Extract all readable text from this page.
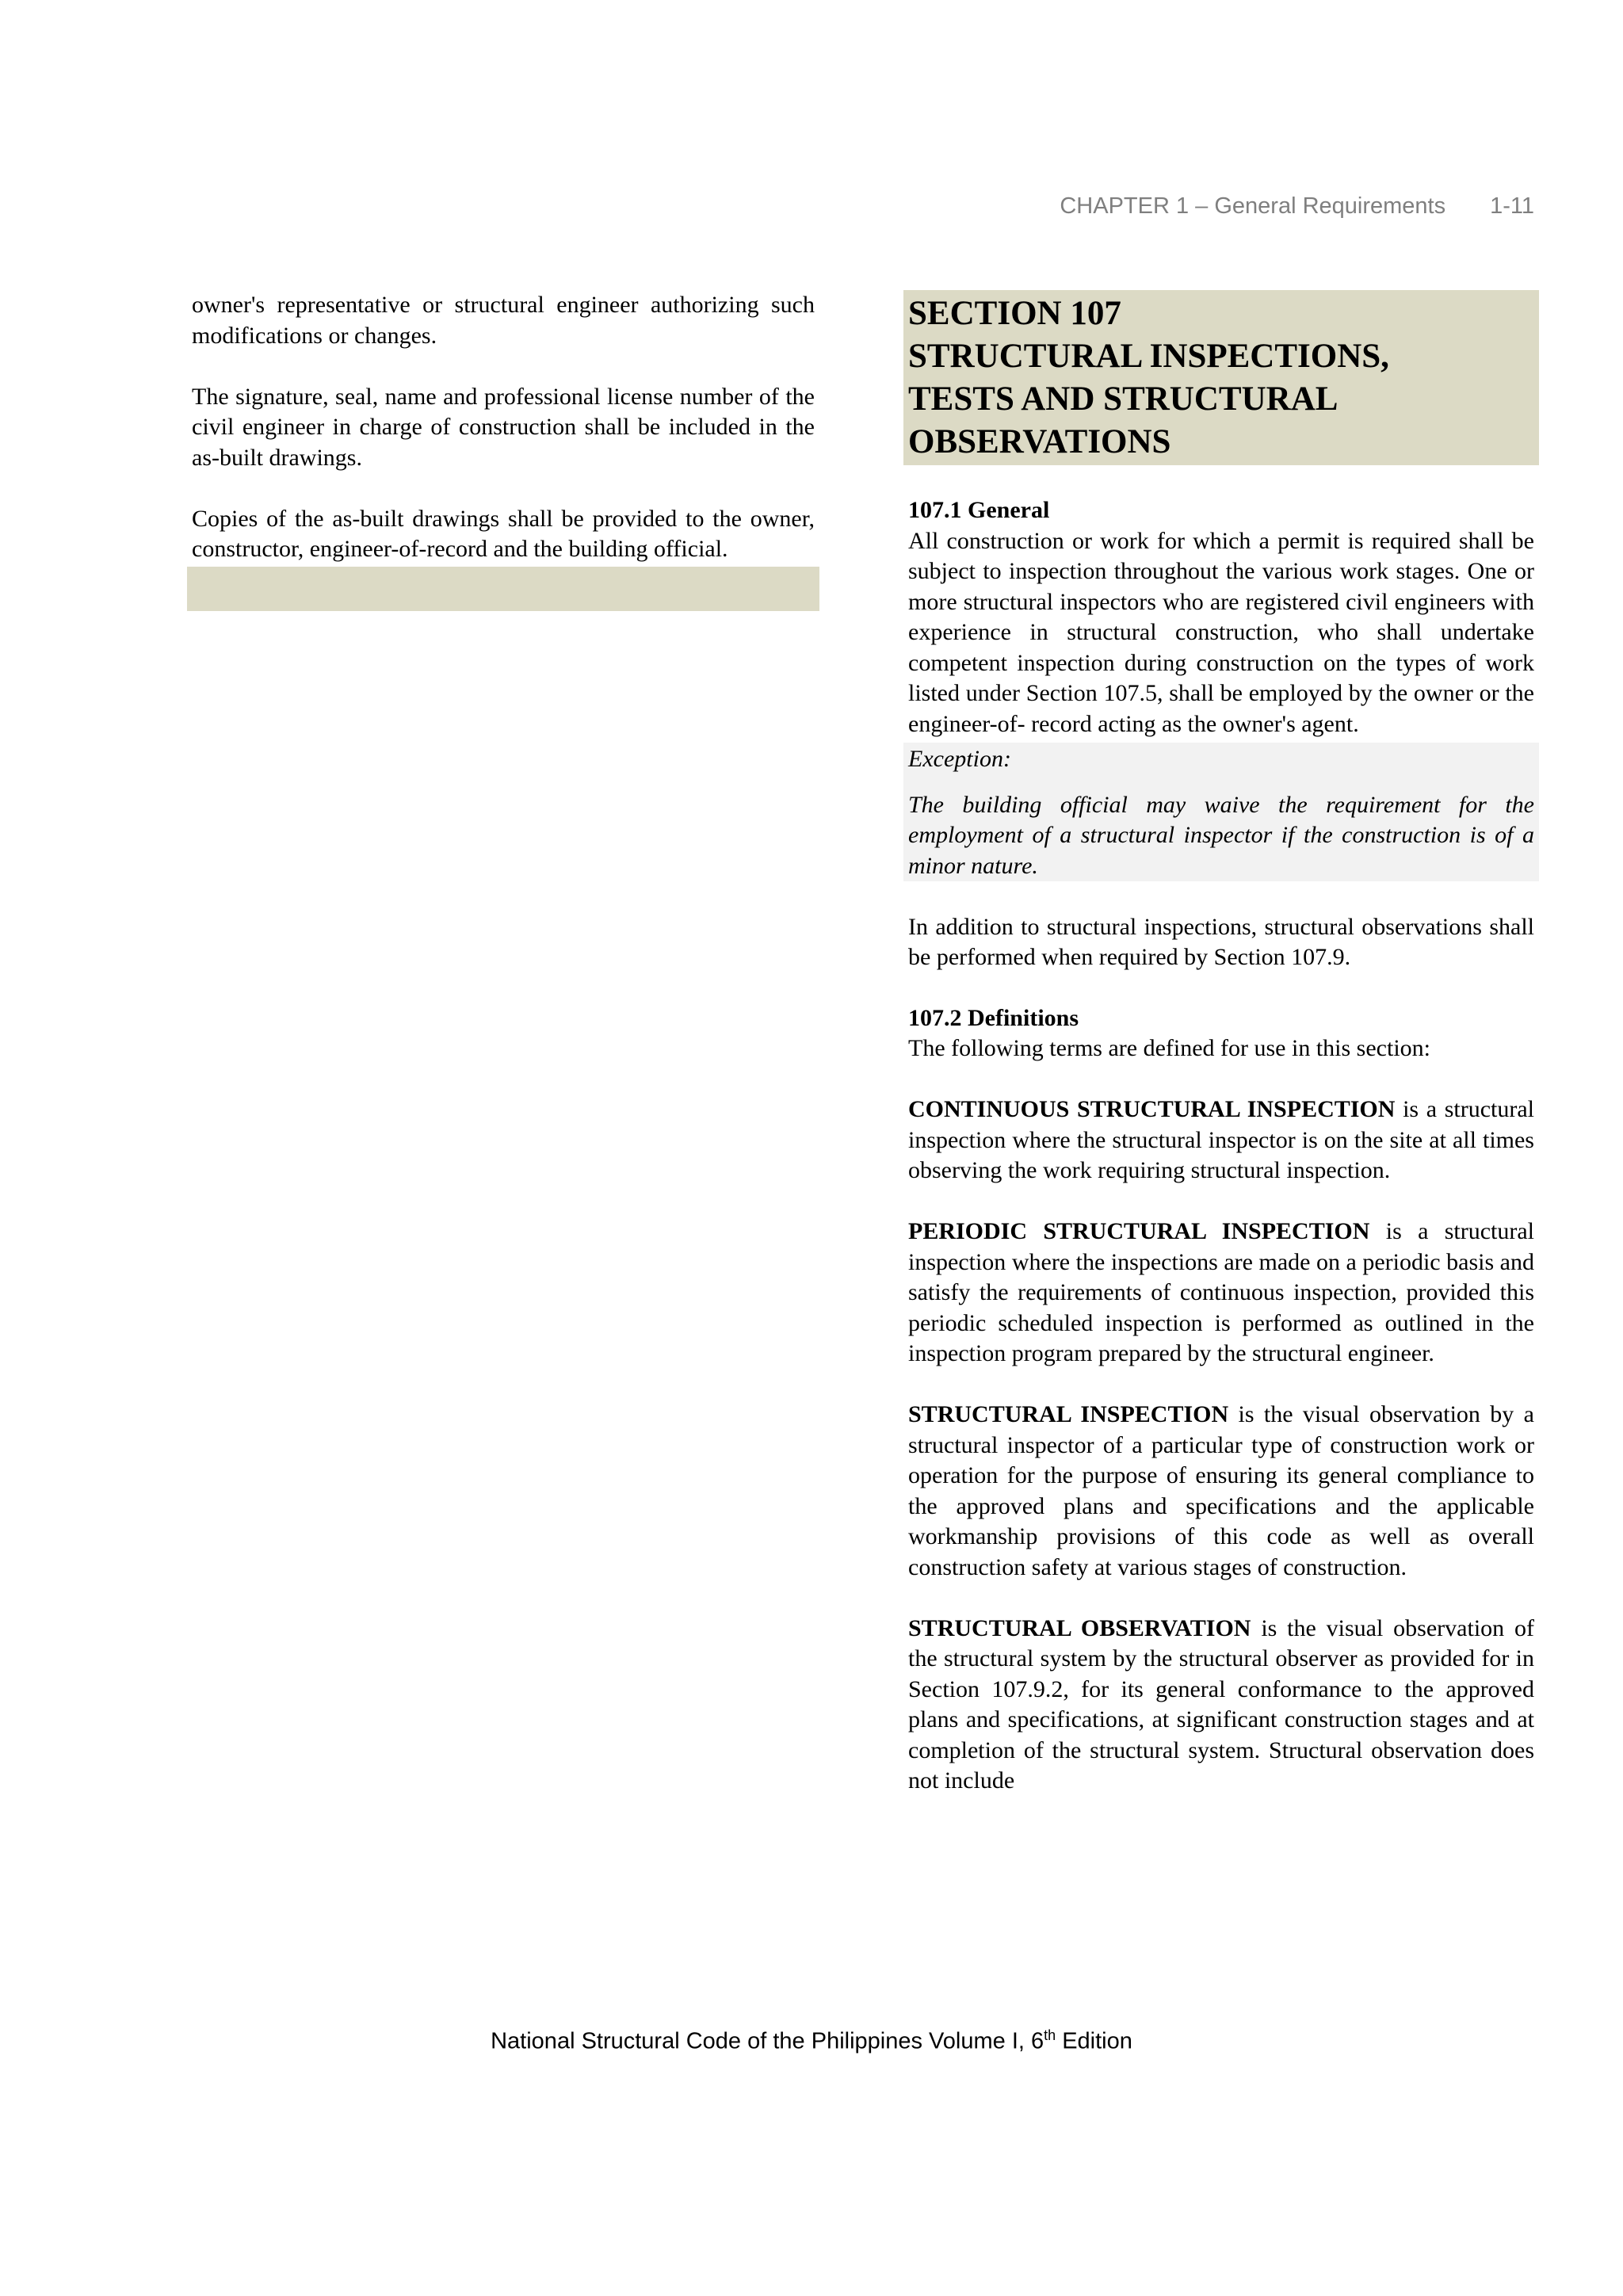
CHAPTER 1 – General Requirements 1-11

owner's representative or structural engineer authorizing such modifications or changes.

The signature, seal, name and professional license number of the civil engineer in charge of construction shall be included in the as-built drawings.

Copies of the as-built drawings shall be provided to the owner, constructor, engineer-of-record and the building official.

SECTION 107
STRUCTURAL INSPECTIONS,
TESTS AND STRUCTURAL
OBSERVATIONS
107.1 General

All construction or work for which a permit is required shall be subject to inspection throughout the various work stages. One or more structural inspectors who are registered civil engineers with experience in structural construction, who shall undertake competent inspection during construction on the types of work listed under Section 107.5, shall be employed by the owner or the engineer-of- record acting as the owner's agent.

Exception:

The building official may waive the requirement for the employment of a structural inspector if the construction is of a minor nature.

In addition to structural inspections, structural observations shall be performed when required by Section 107.9.

107.2 Definitions

The following terms are defined for use in this section:

CONTINUOUS STRUCTURAL INSPECTION is a structural inspection where the structural inspector is on the site at all times observing the work requiring structural inspection.

PERIODIC STRUCTURAL INSPECTION is a structural inspection where the inspections are made on a periodic basis and satisfy the requirements of continuous inspection, provided this periodic scheduled inspection is performed as outlined in the inspection program prepared by the structural engineer.

STRUCTURAL INSPECTION is the visual observation by a structural inspector of a particular type of construction work or operation for the purpose of ensuring its general compliance to the approved plans and specifications and the applicable workmanship provisions of this code as well as overall construction safety at various stages of construction.

STRUCTURAL OBSERVATION is the visual observation of the structural system by the structural observer as provided for in Section 107.9.2, for its general conformance to the approved plans and specifications, at significant construction stages and at completion of the structural system. Structural observation does not include

National Structural Code of the Philippines Volume I, 6th Edition
